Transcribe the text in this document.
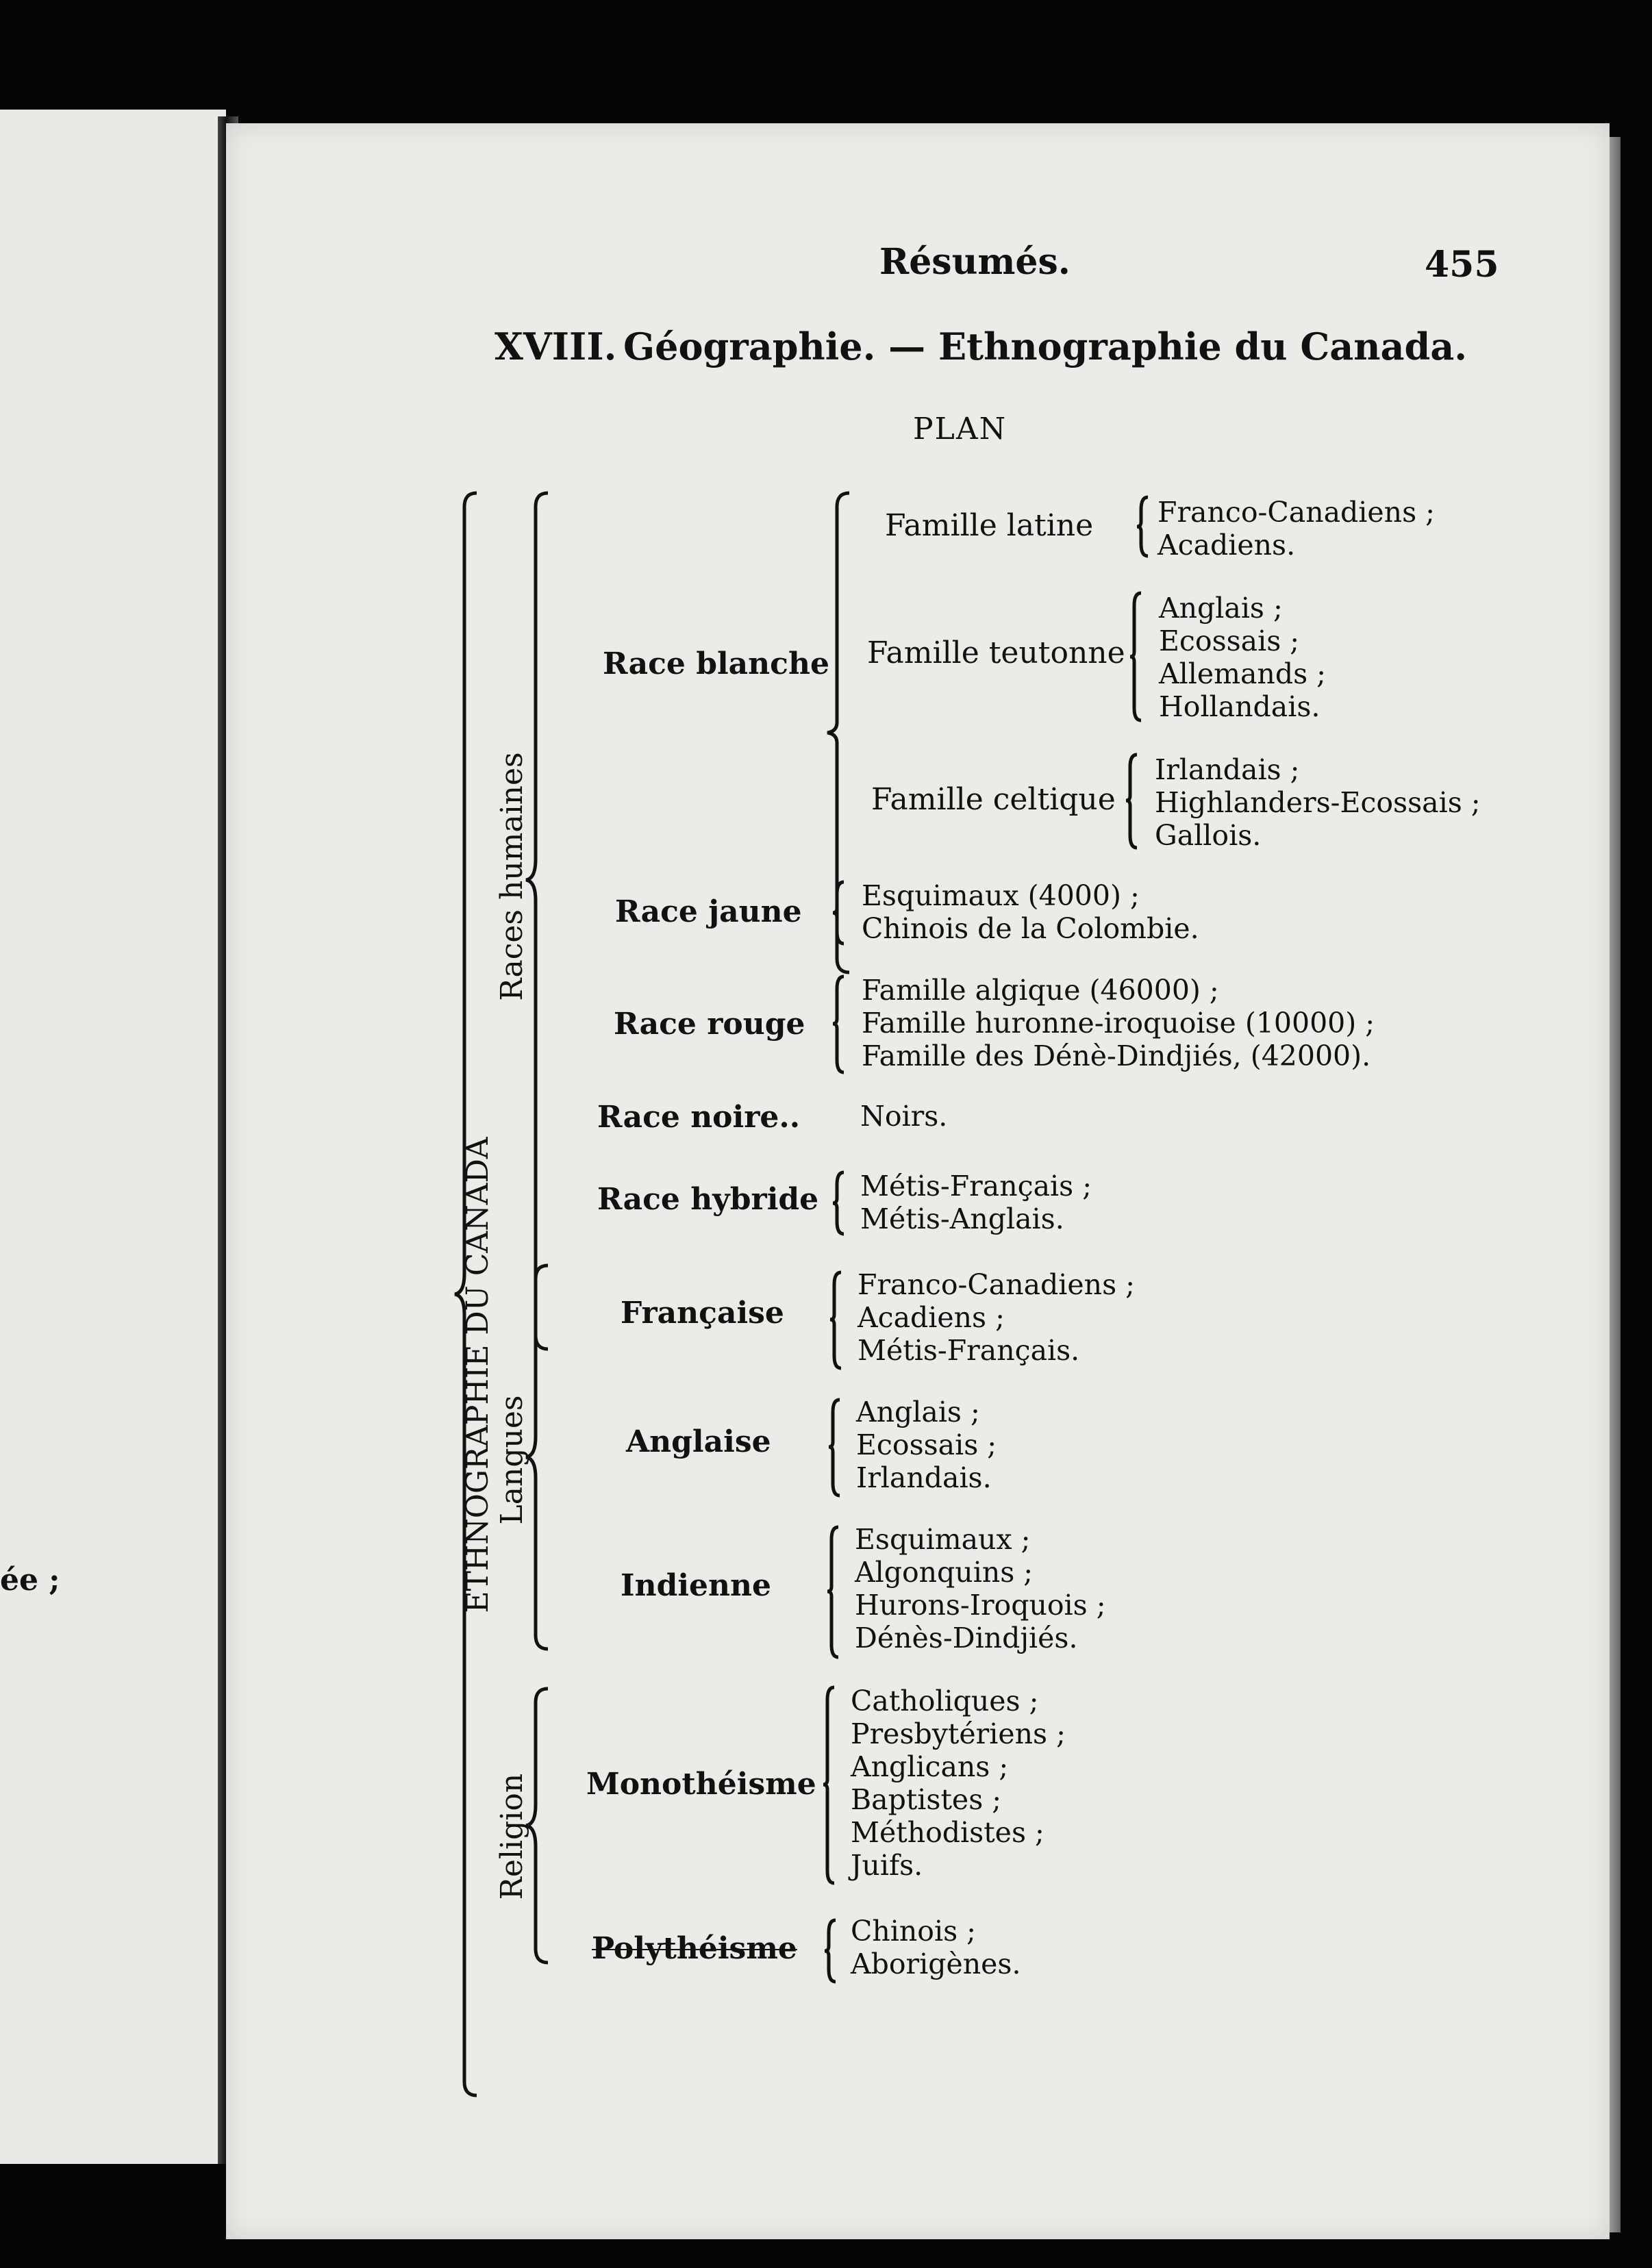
ée ;
Résumés.	455
XVIII. Géographie. — Ethnographie du Canada.
PLAN
ETHNOGRAPHIE DU CANADA
Races humaines
Langues
Religion
Race blanche
Famille latine Franco-Canadiens ;
Acadiens.
Famille teutonne
Anglais ;
Ecossais ;
Allemands ;
Hollandais.
Famille celtique
Irlandais ;
Highlanders-Ecossais ;
Gallois.
Race jaune Esquimaux (4000) ;
Chinois de la Colombie.
Race rouge
Famille algique (46000) ;
Famille huronne-iroquoise (10000) ;
Famille des Dénè-Dindjiés, (42000).
Race noire.. Noirs.
Race hybride Métis-Français ;
Métis-Anglais.
Française
Franco-Canadiens ;
Acadiens ;
Métis-Français.
Anglaise
Anglais ;
Ecossais ;
Irlandais.
Indienne
Esquimaux ;
Algonquins ;
Hurons-Iroquois ;
Dénès-Dindjiés.
Monothéisme
Catholiques ;
Presbytériens ;
Anglicans ;
Baptistes ;
Méthodistes ;
Juifs.
Polythéisme Chinois ;
Aborigènes.
